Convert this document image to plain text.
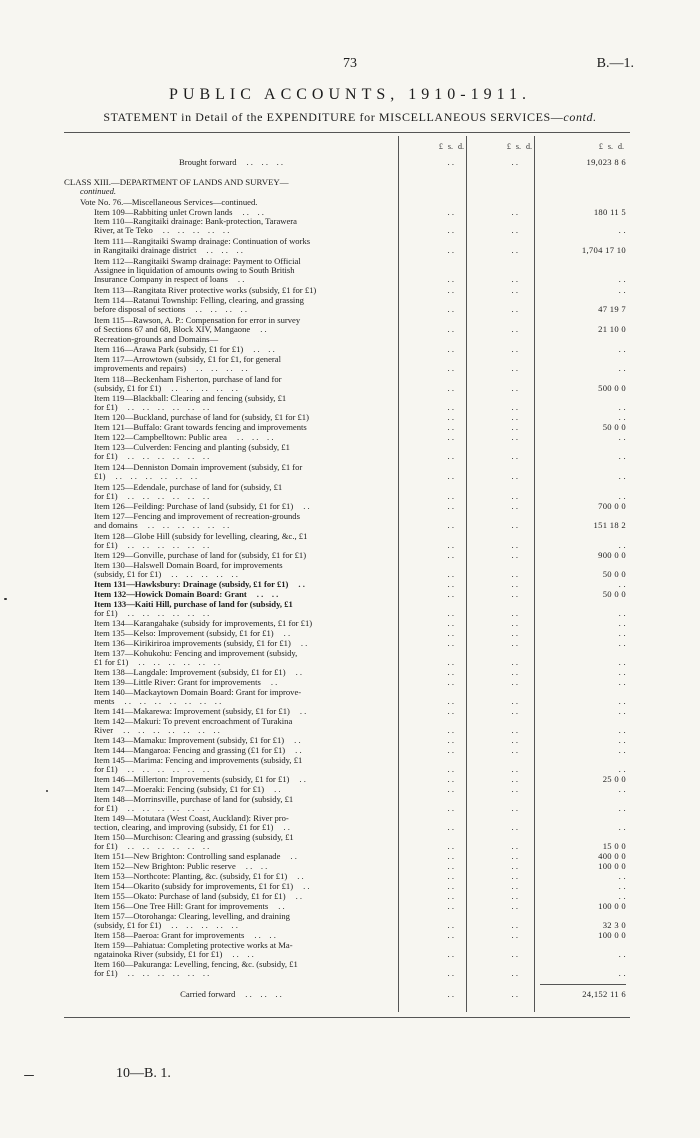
73	B.—1.
PUBLIC ACCOUNTS, 1910-1911.
STATEMENT in Detail of the EXPENDITURE for MISCELLANEOUS SERVICES—contd.
£ s. d.	£ s. d.	£ s. d.
Brought forward . .    . .    . .	. .	. .	19,023 8 6
CLASS XIII.—DEPARTMENT OF LANDS AND SURVEY—
continued.
Vote No. 76.—Miscellaneous Services—continued.
Item 109—Rabbiting unlet Crown lands . .    . .	. .	. .	180 11 5
Item 110—Rangitaiki drainage: Bank-protection, Tarawera
River, at Te Teko . .    . .    . .    . .    . .	. .	. .	. .
Item 111—Rangitaiki Swamp drainage: Continuation of works
in Rangitaiki drainage district . .    . .    . .	. .	. .	1,704 17 10
Item 112—Rangitaiki Swamp drainage: Payment to Official
Assignee in liquidation of amounts owing to South British
Insurance Company in respect of loans . .	. .	. .	. .
Item 113—Rangitata River protective works (subsidy, £1 for £1)	. .	. .	. .
Item 114—Ratanui Township: Felling, clearing, and grassing
before disposal of sections . .    . .    . .    . .	. .	. .	47 19 7
Item 115—Rawson, A. P.: Compensation for error in survey
of Sections 67 and 68, Block XIV, Mangaone . .	. .	. .	21 10 0
Recreation-grounds and Domains—
Item 116—Arawa Park (subsidy, £1 for £1) . .    . .	. .	. .	. .
Item 117—Arrowtown (subsidy, £1 for £1, for general
improvements and repairs) . .    . .    . .    . .	. .	. .	. .
Item 118—Beckenham Fisherton, purchase of land for
(subsidy, £1 for £1) . .    . .    . .    . .    . .	. .	. .	500 0 0
Item 119—Blackball: Clearing and fencing (subsidy, £1
for £1) . .    . .    . .    . .    . .    . .	. .	. .	. .
Item 120—Buckland, purchase of land for (subsidy, £1 for £1)	. .	. .	. .
Item 121—Buffalo: Grant towards fencing and improvements	. .	. .	50 0 0
Item 122—Campbelltown: Public area . .    . .    . .	. .	. .	. .
Item 123—Culverden: Fencing and planting (subsidy, £1
for £1) . .    . .    . .    . .    . .    . .	. .	. .	. .
Item 124—Denniston Domain improvement (subsidy, £1 for
£1) . .    . .    . .    . .    . .    . .	. .	. .	. .
Item 125—Edendale, purchase of land for (subsidy, £1
for £1) . .    . .    . .    . .    . .    . .	. .	. .	. .
Item 126—Feilding: Purchase of land (subsidy, £1 for £1) . .	. .	. .	700 0 0
Item 127—Fencing and improvement of recreation-grounds
and domains . .    . .    . .    . .    . .    . .	. .	. .	151 18 2
Item 128—Globe Hill (subsidy for levelling, clearing, &c., £1
for £1) . .    . .    . .    . .    . .    . .	. .	. .	. .
Item 129—Gonville, purchase of land for (subsidy, £1 for £1)	. .	. .	900 0 0
Item 130—Halswell Domain Board, for improvements
(subsidy, £1 for £1) . .    . .    . .    . .    . .	. .	. .	50 0 0
Item 131—Hawksbury: Drainage (subsidy, £1 for £1) . .	. .	. .	. .
Item 132—Howick Domain Board: Grant . .    . .	. .	. .	50 0 0
Item 133—Kaiti Hill, purchase of land for (subsidy, £1
for £1) . .    . .    . .    . .    . .    . .	. .	. .	. .
Item 134—Karangahake (subsidy for improvements, £1 for £1)	. .	. .	. .
Item 135—Kelso: Improvement (subsidy, £1 for £1) . .	. .	. .	. .
Item 136—Kirikiriroa improvements (subsidy, £1 for £1) . .	. .	. .	. .
Item 137—Kohukohu: Fencing and improvement (subsidy,
£1 for £1) . .    . .    . .    . .    . .    . .	. .	. .	. .
Item 138—Langdale: Improvement (subsidy, £1 for £1) . .	. .	. .	. .
Item 139—Little River: Grant for improvements . .	. .	. .	. .
Item 140—Mackaytown Domain Board: Grant for improve-
ments . .    . .    . .    . .    . .    . .    . .	. .	. .	. .
Item 141—Makarewa: Improvement (subsidy, £1 for £1) . .	. .	. .	. .
Item 142—Makuri: To prevent encroachment of Turakina
River . .    . .    . .    . .    . .    . .    . .	. .	. .	. .
Item 143—Mamaku: Improvement (subsidy, £1 for £1) . .	. .	. .	. .
Item 144—Mangaroa: Fencing and grassing (£1 for £1) . .	. .	. .	. .
Item 145—Marima: Fencing and improvements (subsidy, £1
for £1) . .    . .    . .    . .    . .    . .	. .	. .	. .
Item 146—Millerton: Improvements (subsidy, £1 for £1) . .	. .	. .	25 0 0
Item 147—Moeraki: Fencing (subsidy, £1 for £1) . .	. .	. .	. .
Item 148—Morrinsville, purchase of land for (subsidy, £1
for £1) . .    . .    . .    . .    . .    . .	. .	. .	. .
Item 149—Motutara (West Coast, Auckland): River pro-
tection, clearing, and improving (subsidy, £1 for £1) . .	. .	. .	. .
Item 150—Murchison: Clearing and grassing (subsidy, £1
for £1) . .    . .    . .    . .    . .    . .	. .	. .	15 0 0
Item 151—New Brighton: Controlling sand esplanade . .	. .	. .	400 0 0
Item 152—New Brighton: Public reserve . .    . .	. .	. .	100 0 0
Item 153—Northcote: Planting, &c. (subsidy, £1 for £1) . .	. .	. .	. .
Item 154—Okarito (subsidy for improvements, £1 for £1) . .	. .	. .	. .
Item 155—Okato: Purchase of land (subsidy, £1 for £1) . .	. .	. .	. .
Item 156—One Tree Hill: Grant for improvements . .	. .	. .	100 0 0
Item 157—Otorohanga: Clearing, levelling, and draining
(subsidy, £1 for £1) . .    . .    . .    . .    . .	. .	. .	32 3 0
Item 158—Paeroa: Grant for improvements . .    . .	. .	. .	100 0 0
Item 159—Pahiatua: Completing protective works at Ma-
ngatainoka River (subsidy, £1 for £1) . .    . .	. .	. .	. .
Item 160—Pakuranga: Levelling, fencing, &c. (subsidy, £1
for £1) . .    . .    . .    . .    . .    . .	. .	. .	. .
Carried forward . .    . .    . .	. .	. .	24,152 11 6
10—B. 1.
